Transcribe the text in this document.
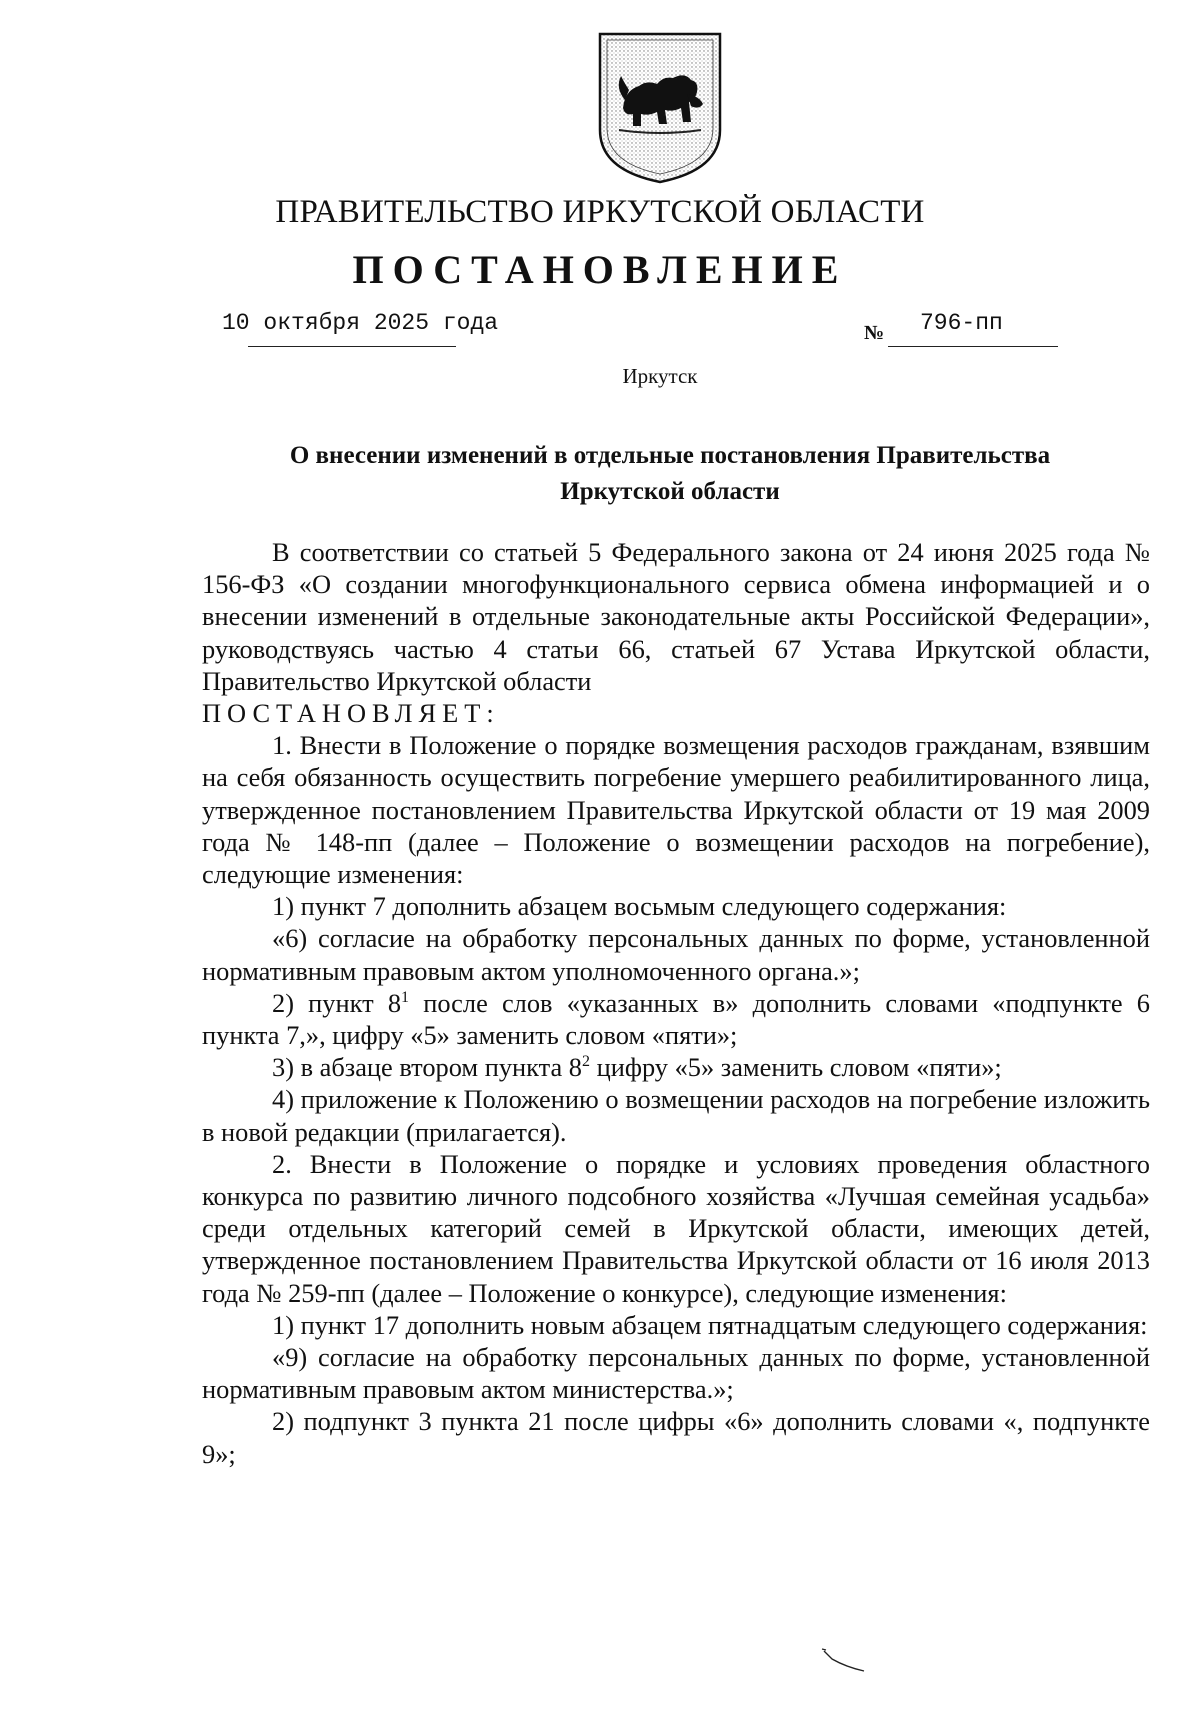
ПРАВИТЕЛЬСТВО ИРКУТСКОЙ ОБЛАСТИ
ПОСТАНОВЛЕНИЕ
10 октября 2025 года	№ 796-пп
Иркутск
О внесении изменений в отдельные постановления Правительства Иркутской области

В соответствии со статьей 5 Федерального закона от 24 июня 2025 года № 156-ФЗ «О создании многофункционального сервиса обмена информацией и о внесении изменений в отдельные законодательные акты Российской Федерации», руководствуясь частью 4 статьи 66, статьей 67 Устава Иркутской области, Правительство Иркутской области

ПОСТАНОВЛЯЕТ:

1. Внести в Положение о порядке возмещения расходов гражданам, взявшим на себя обязанность осуществить погребение умершего реабилитированного лица, утвержденное постановлением Правительства Иркутской области от 19 мая 2009 года № 148-пп (далее – Положение о возмещении расходов на погребение), следующие изменения:

1) пункт 7 дополнить абзацем восьмым следующего содержания:

«6) согласие на обработку персональных данных по форме, установленной нормативным правовым актом уполномоченного органа.»;

2) пункт $8^1$ после слов «указанных в» дополнить словами «подпункте 6 пункта 7,», цифру «5» заменить словом «пяти»;

3) в абзаце втором пункта $8^2$ цифру «5» заменить словом «пяти»;

4) приложение к Положению о возмещении расходов на погребение изложить в новой редакции (прилагается).

2. Внести в Положение о порядке и условиях проведения областного конкурса по развитию личного подсобного хозяйства «Лучшая семейная усадьба» среди отдельных категорий семей в Иркутской области, имеющих детей, утвержденное постановлением Правительства Иркутской области от 16 июля 2013 года № 259-пп (далее – Положение о конкурсе), следующие изменения:

1) пункт 17 дополнить новым абзацем пятнадцатым следующего содержания:

«9) согласие на обработку персональных данных по форме, установленной нормативным правовым актом министерства.»;

2) подпункт 3 пункта 21 после цифры «6» дополнить словами «, подпункте 9»;
